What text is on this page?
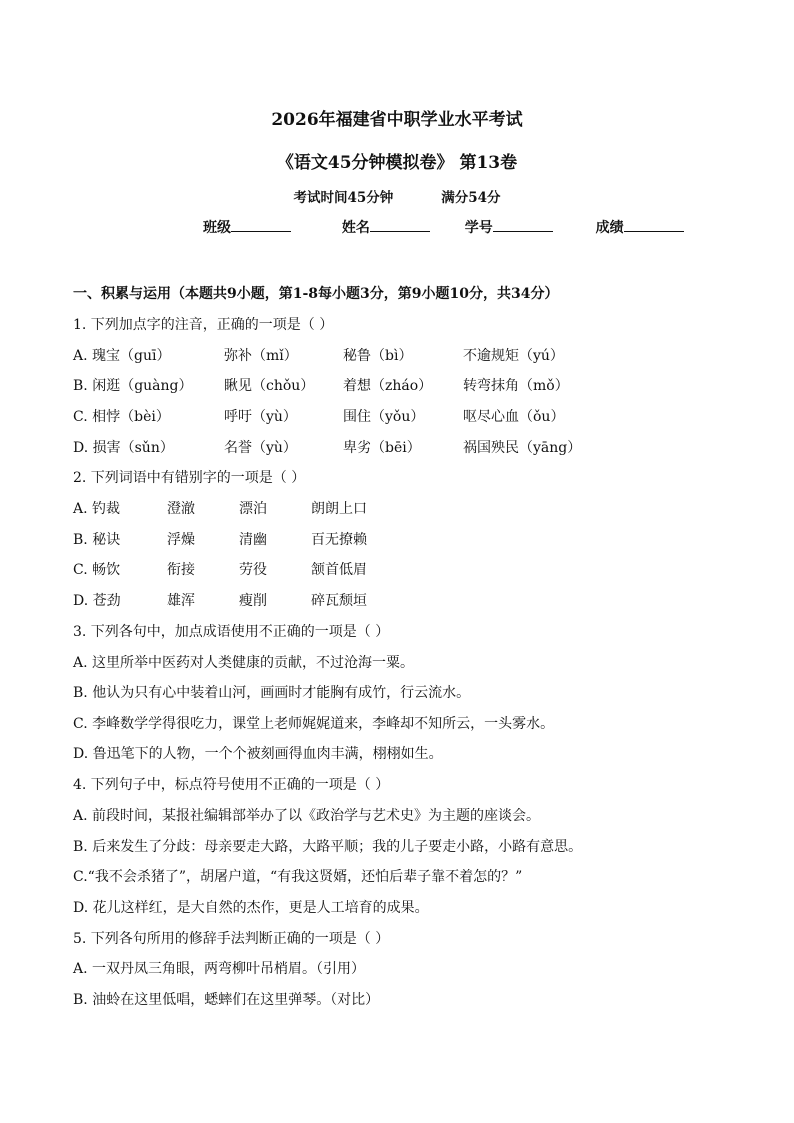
2026年福建省中职学业水平考试
《语文45分钟模拟卷》 第13卷
考试时间45分钟	满分54分
班级	姓名	学号	成绩
一、积累与运用（本题共9小题，第1-8每小题3分，第9小题10分，共34分）
1. 下列加点字的注音，正确的一项是（ ）
A. 瑰宝（guī）	弥补（mǐ）	秘鲁（bì）	不逾规矩（yú）
B. 闲逛（guàng） 瞅见（chǒu） 着想（zháo） 转弯抹角（mǒ）
C. 相悖（bèi）	呼吁（yù）	围住（yǒu）	呕尽心血（ǒu）
D. 损害（sǔn）	名誉（yù）	卑劣（bēi）	祸国殃民（yāng）
2. 下列词语中有错别字的一项是（ ）
A. 钓裁	澄澈	漂泊	朗朗上口
B. 秘诀	浮燥	清幽	百无撩赖
C. 畅饮	衔接	劳役	颔首低眉
D. 苍劲	雄浑	瘦削	碎瓦颓垣
3. 下列各句中，加点成语使用不正确的一项是（ ）
A. 这里所举中医药对人类健康的贡献，不过沧海一粟。
B. 他认为只有心中装着山河，画画时才能胸有成竹，行云流水。
C. 李峰数学学得很吃力，课堂上老师娓娓道来，李峰却不知所云，一头雾水。
D. 鲁迅笔下的人物，一个个被刻画得血肉丰满，栩栩如生。
4. 下列句子中，标点符号使用不正确的一项是（ ）
A. 前段时间，某报社编辑部举办了以《政治学与艺术史》为主题的座谈会。
B. 后来发生了分歧：母亲要走大路，大路平顺；我的儿子要走小路，小路有意思。
C.“我不会杀猪了”，胡屠户道，“有我这贤婿，还怕后辈子靠不着怎的？”
D. 花儿这样红，是大自然的杰作，更是人工培育的成果。
5. 下列各句所用的修辞手法判断正确的一项是（ ）
A. 一双丹凤三角眼，两弯柳叶吊梢眉。（引用）
B. 油蛉在这里低唱，蟋蟀们在这里弹琴。（对比）
